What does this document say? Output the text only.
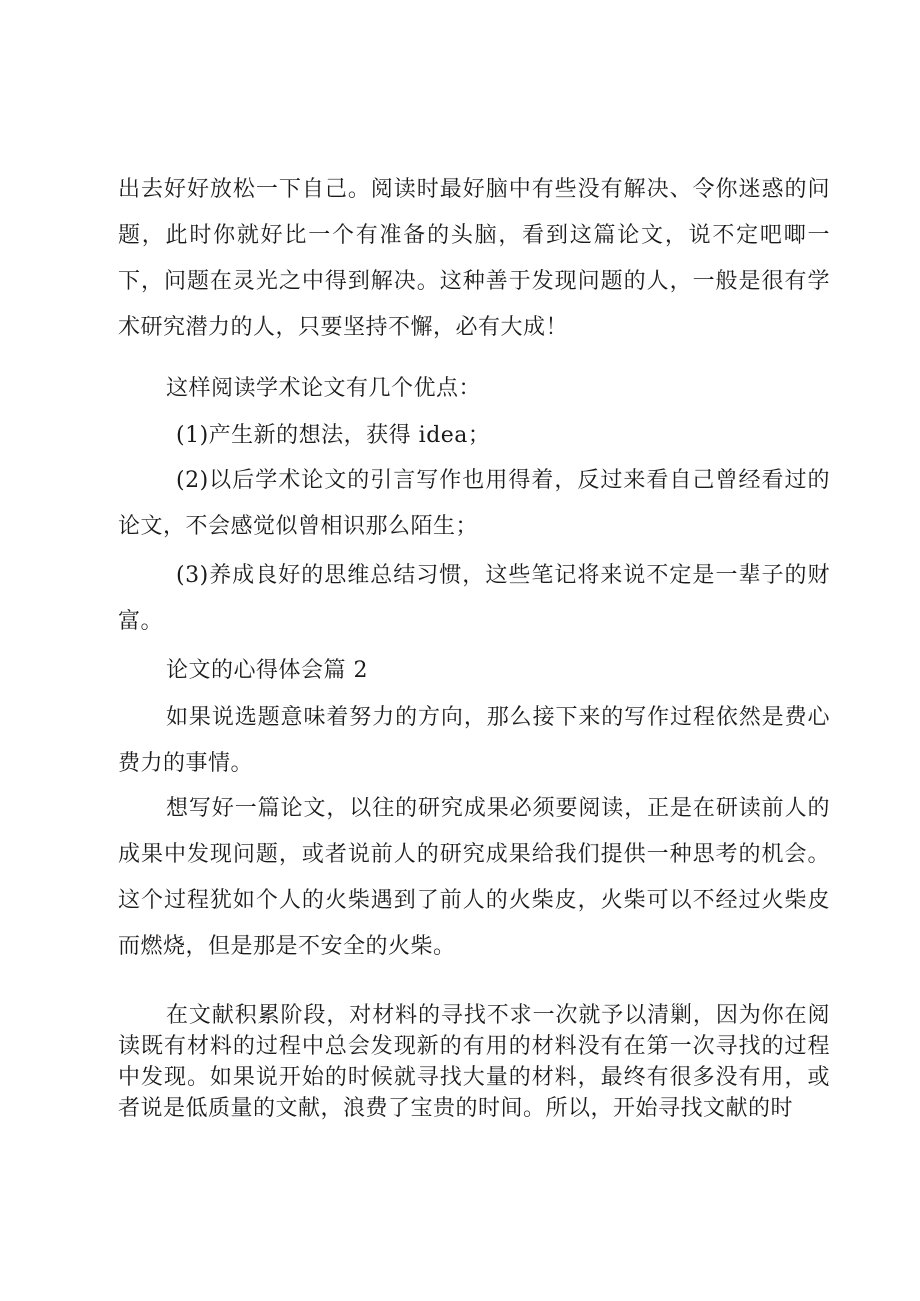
出去好好放松一下自己。阅读时最好脑中有些没有解决、令你迷惑的问题，此时你就好比一个有准备的头脑，看到这篇论文，说不定吧唧一下，问题在灵光之中得到解决。这种善于发现问题的人，一般是很有学术研究潜力的人，只要坚持不懈，必有大成！

这样阅读学术论文有几个优点：

(1)产生新的想法，获得 idea；

(2)以后学术论文的引言写作也用得着，反过来看自己曾经看过的论文，不会感觉似曾相识那么陌生；

(3)养成良好的思维总结习惯，这些笔记将来说不定是一辈子的财富。

论文的心得体会篇 2

如果说选题意味着努力的方向，那么接下来的写作过程依然是费心费力的事情。

想写好一篇论文，以往的研究成果必须要阅读，正是在研读前人的成果中发现问题，或者说前人的研究成果给我们提供一种思考的机会。这个过程犹如个人的火柴遇到了前人的火柴皮，火柴可以不经过火柴皮而燃烧，但是那是不安全的火柴。

在文献积累阶段，对材料的寻找不求一次就予以清剿，因为你在阅读既有材料的过程中总会发现新的有用的材料没有在第一次寻找的过程中发现。如果说开始的时候就寻找大量的材料，最终有很多没有用，或者说是低质量的文献，浪费了宝贵的时间。所以，开始寻找文献的时
